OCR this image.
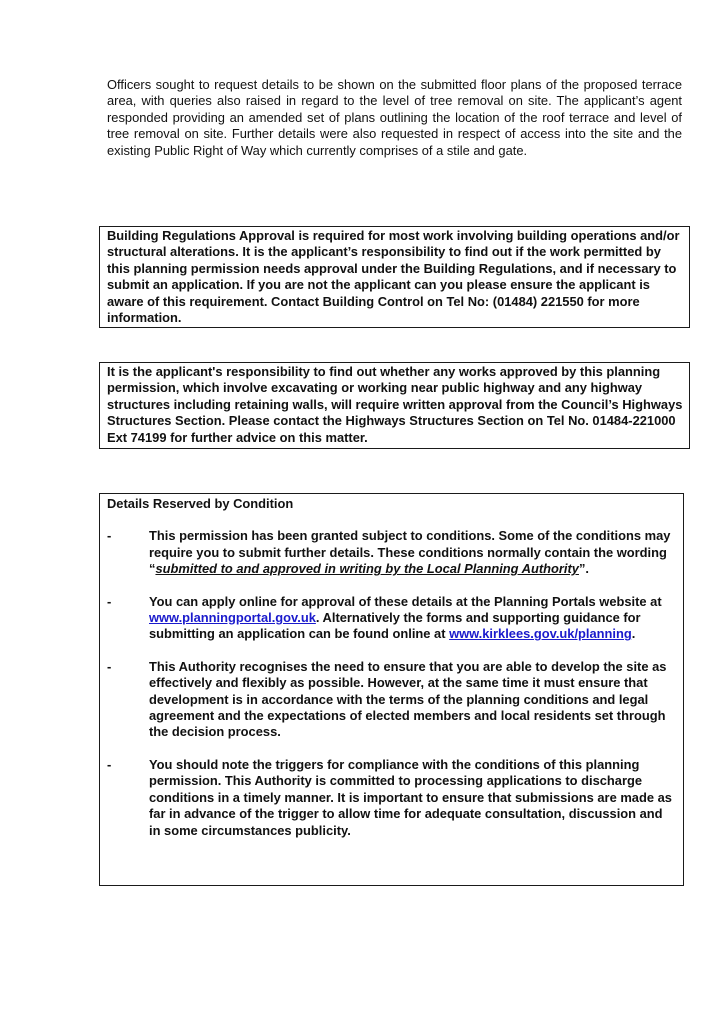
Officers sought to request details to be shown on the submitted floor plans of the proposed terrace area, with queries also raised in regard to the level of tree removal on site. The applicant’s agent responded providing an amended set of plans outlining the location of the roof terrace and level of tree removal on site. Further details were also requested in respect of access into the site and the existing Public Right of Way which currently comprises of a stile and gate.

Building Regulations Approval is required for most work involving building operations and/or structural alterations. It is the applicant’s responsibility to find out if the work permitted by this planning permission needs approval under the Building Regulations, and if necessary to submit an application. If you are not the applicant can you please ensure the applicant is aware of this requirement. Contact Building Control on Tel No: (01484) 221550 for more information.

It is the applicant's responsibility to find out whether any works approved by this planning permission, which involve excavating or working near public highway and any highway structures including retaining walls, will require written approval from the Council’s Highways Structures Section. Please contact the Highways Structures Section on Tel No. 01484-221000 Ext 74199 for further advice on this matter.

Details Reserved by Condition

-	This permission has been granted subject to conditions. Some of the conditions may require you to submit further details. These conditions normally contain the wording “submitted to and approved in writing by the Local Planning Authority”.
-	You can apply online for approval of these details at the Planning Portals website at www.planningportal.gov.uk. Alternatively the forms and supporting guidance for submitting an application can be found online at www.kirklees.gov.uk/planning.
-	This Authority recognises the need to ensure that you are able to develop the site as effectively and flexibly as possible. However, at the same time it must ensure that development is in accordance with the terms of the planning conditions and legal agreement and the expectations of elected members and local residents set through the decision process.
-	You should note the triggers for compliance with the conditions of this planning permission. This Authority is committed to processing applications to discharge conditions in a timely manner. It is important to ensure that submissions are made as far in advance of the trigger to allow time for adequate consultation, discussion and in some circumstances publicity.
